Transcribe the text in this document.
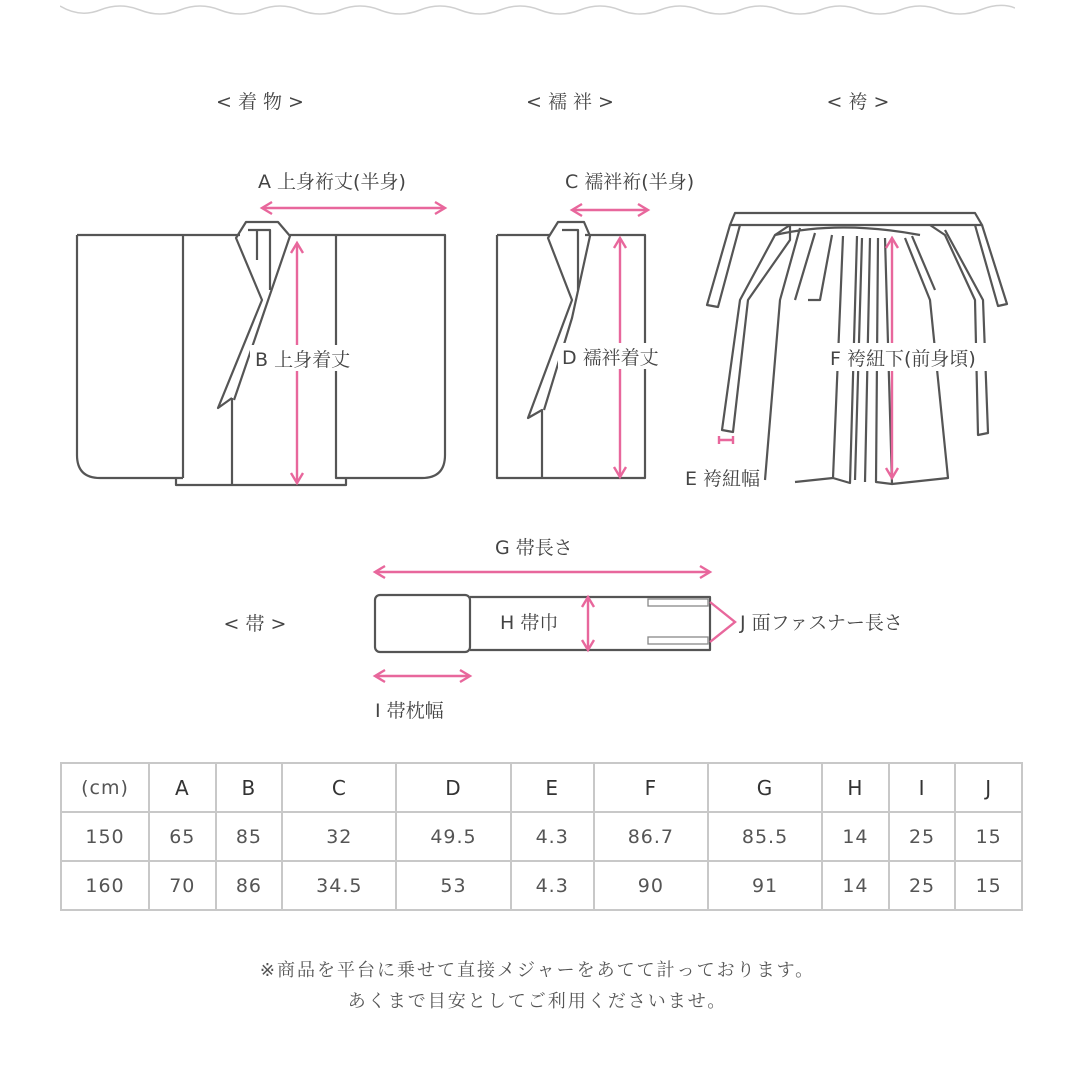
< 着 物 >	< 襦 袢 >	< 袴 >
< 帯 >
A 上身裄丈(半身)
B 上身着丈
C 襦袢裄(半身)
D 襦袢着丈	F 袴紐下(前身頃)
E 袴紐幅
G 帯長さ
H 帯巾	J 面ファスナー長さ
I 帯枕幅
(cm)	A	B	C	D	E	F	G	H	I	J
150	65	85	32	49.5	4.3	86.7	85.5	14	25	15
160	70	86	34.5	53	4.3	90	91	14	25	15
※商品を平台に乗せて直接メジャーをあてて計っております。
あくまで目安としてご利用くださいませ。
